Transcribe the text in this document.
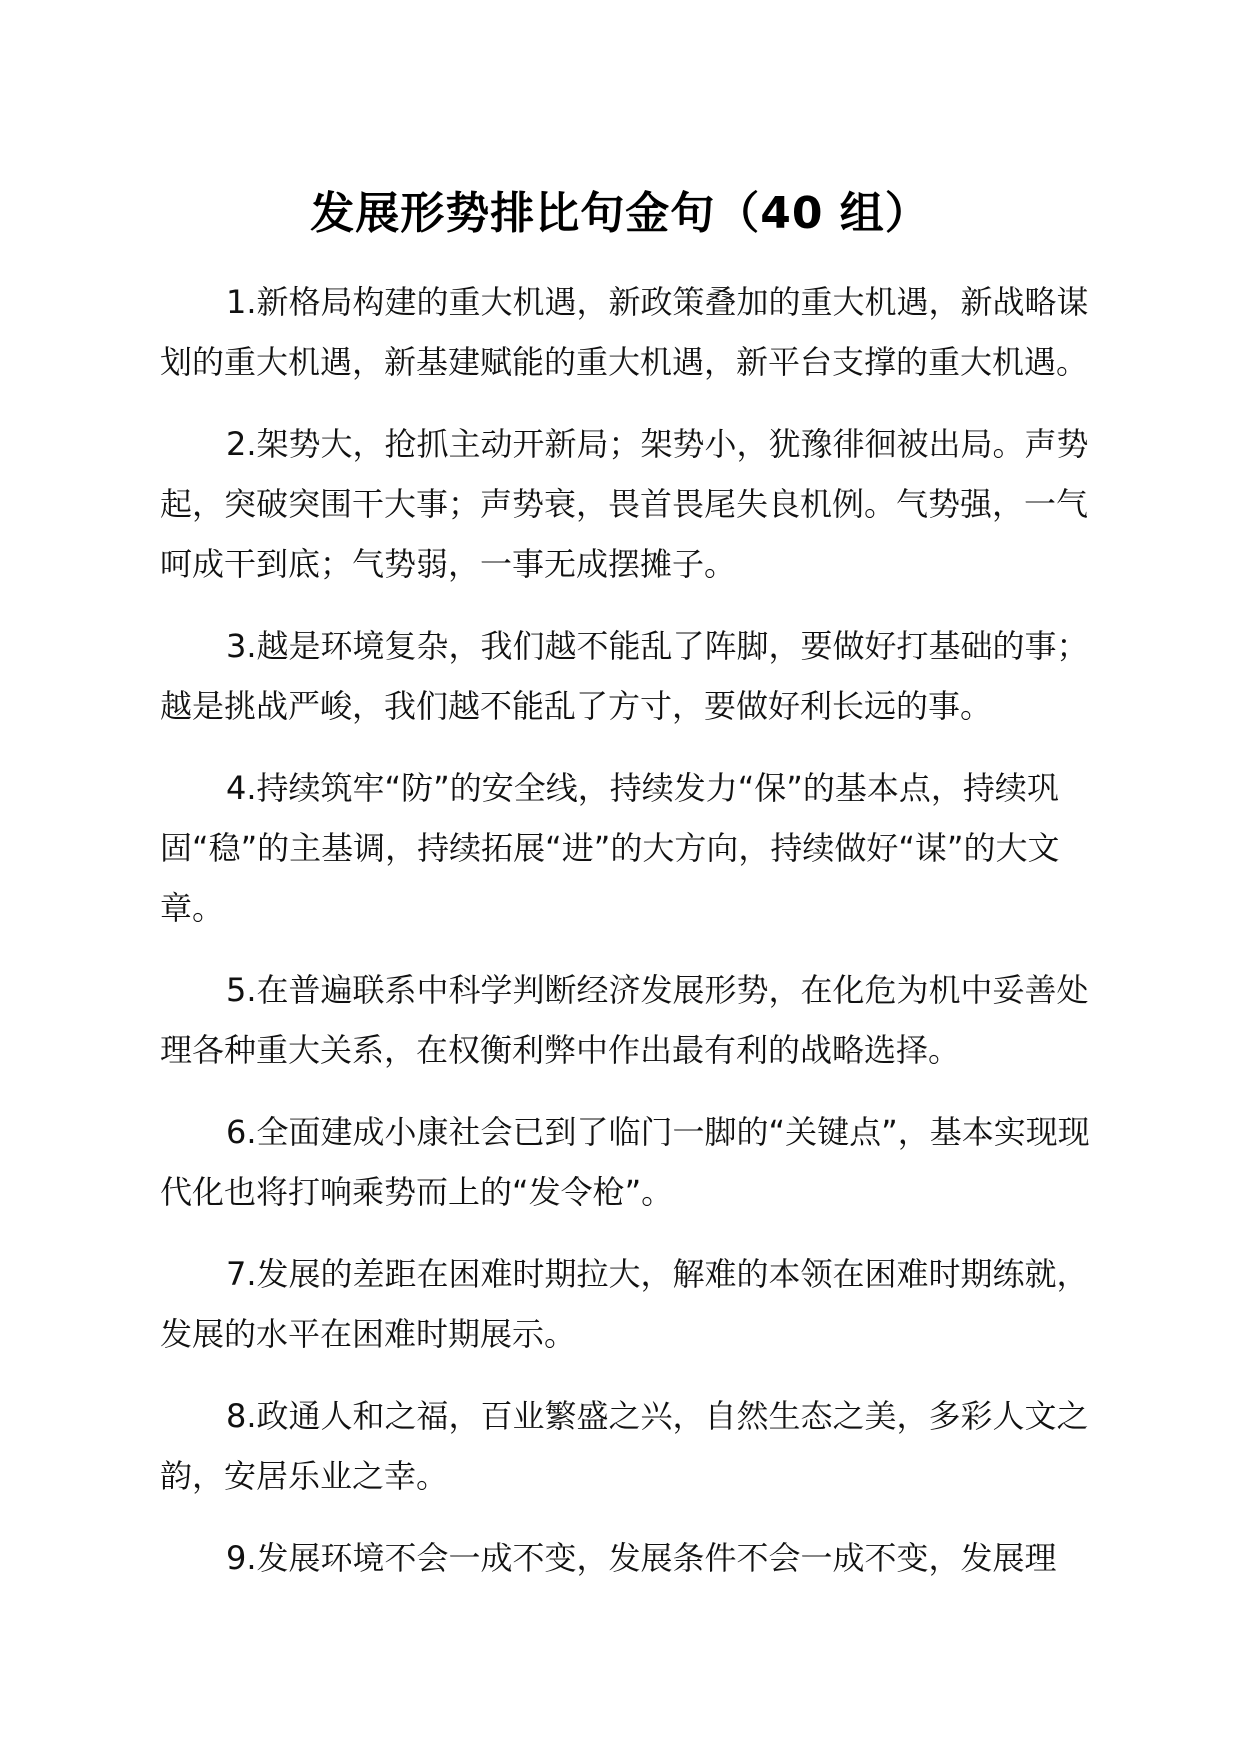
发展形势排比句金句（40 组）

1.新格局构建的重大机遇，新政策叠加的重大机遇，新战略谋划的重大机遇，新基建赋能的重大机遇，新平台支撑的重大机遇。

2.架势大，抢抓主动开新局；架势小，犹豫徘徊被出局。声势起，突破突围干大事；声势衰，畏首畏尾失良机例。气势强，一气呵成干到底；气势弱，一事无成摆摊子。

3.越是环境复杂，我们越不能乱了阵脚，要做好打基础的事；越是挑战严峻，我们越不能乱了方寸，要做好利长远的事。

4.持续筑牢“防”的安全线，持续发力“保”的基本点，持续巩固“稳”的主基调，持续拓展“进”的大方向，持续做好“谋”的大文章。

5.在普遍联系中科学判断经济发展形势，在化危为机中妥善处理各种重大关系，在权衡利弊中作出最有利的战略选择。

6.全面建成小康社会已到了临门一脚的“关键点”，基本实现现代化也将打响乘势而上的“发令枪”。

7.发展的差距在困难时期拉大，解难的本领在困难时期练就，发展的水平在困难时期展示。

8.政通人和之福，百业繁盛之兴，自然生态之美，多彩人文之韵，安居乐业之幸。

9.发展环境不会一成不变，发展条件不会一成不变，发展理
